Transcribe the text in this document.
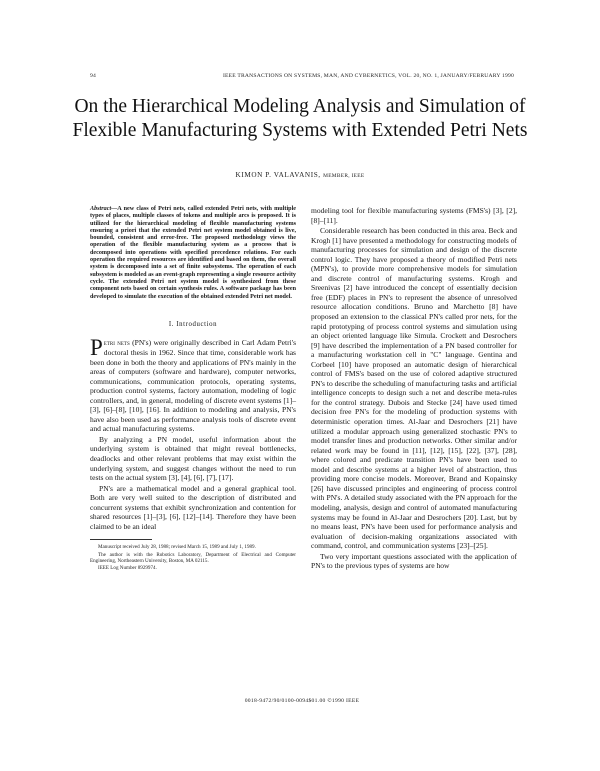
94	IEEE TRANSACTIONS ON SYSTEMS, MAN, AND CYBERNETICS, VOL. 20, NO. 1, JANUARY/FEBRUARY 1990
On the Hierarchical Modeling Analysis and Simulation of Flexible Manufacturing Systems with Extended Petri Nets
KIMON P. VALAVANIS, MEMBER, IEEE
Abstract—A new class of Petri nets, called extended Petri nets, with multiple types of places, multiple classes of tokens and multiple arcs is proposed. It is utilized for the hierarchical modeling of flexible manufacturing systems ensuring a priori that the extended Petri net system model obtained is live, bounded, consistent and error-free. The proposed methodology views the operation of the flexible manufacturing system as a process that is decomposed into operations with specified precedence relations. For each operation the required resources are identified and based on them, the overall system is decomposed into a set of finite subsystems. The operation of each subsystem is modeled as an event-graph representing a single resource activity cycle. The extended Petri net system model is synthesized from these component nets based on certain synthesis rules. A software package has been developed to simulate the execution of the obtained extended Petri net model.
I. Introduction

Petri nets (PN's) were originally described in Carl Adam Petri's doctoral thesis in 1962. Since that time, considerable work has been done in both the theory and applications of PN's mainly in the areas of computers (software and hardware), computer networks, communications, communication protocols, operating systems, production control systems, factory automation, modeling of logic controllers, and, in general, modeling of discrete event systems [1]–[3], [6]–[8], [10], [16]. In addition to modeling and analysis, PN's have also been used as performance analysis tools of discrete event and actual manufacturing systems.

By analyzing a PN model, useful information about the underlying system is obtained that might reveal bottlenecks, deadlocks and other relevant problems that may exist within the underlying system, and suggest changes without the need to run tests on the actual system [3], [4], [6], [7], [17].

PN's are a mathematical model and a general graphical tool. Both are very well suited to the description of distributed and concurrent systems that exhibit synchronization and contention for shared resources [1]–[3], [6], [12]–[14]. Therefore they have been claimed to be an ideal

Manuscript received July 28, 1988; revised March 15, 1989 and July 1, 1989.

The author is with the Robotics Laboratory, Department of Electrical and Computer Engineering, Northeastern University, Boston, MA 02115.

IEEE Log Number 8929974.

modeling tool for flexible manufacturing systems (FMS's) [3], [2], [8]–[11].

Considerable research has been conducted in this area. Beck and Krogh [1] have presented a methodology for constructing models of manufacturing processes for simulation and design of the discrete control logic. They have proposed a theory of modified Petri nets (MPN's), to provide more comprehensive models for simulation and discrete control of manufacturing systems. Krogh and Sreenivas [2] have introduced the concept of essentially decision free (EDF) places in PN's to represent the absence of unresolved resource allocation conditions. Bruno and Marchetto [8] have proposed an extension to the classical PN's called pror nets, for the rapid prototyping of process control systems and simulation using an object oriented language like Simula. Crockett and Desrochers [9] have described the implementation of a PN based controller for a manufacturing workstation cell in "C" language. Gentina and Corbeel [10] have proposed an automatic design of hierarchical control of FMS's based on the use of colored adaptive structured PN's to describe the scheduling of manufacturing tasks and artificial intelligence concepts to design such a net and describe meta-rules for the control strategy. Dubois and Stecke [24] have used timed decision free PN's for the modeling of production systems with deterministic operation times. Al-Jaar and Desrochers [21] have utilized a modular approach using generalized stochastic PN's to model transfer lines and production networks. Other similar and/or related work may be found in [11], [12], [15], [22], [37], [28], where colored and predicate transition PN's have been used to model and describe systems at a higher level of abstraction, thus providing more concise models. Moreover, Brand and Kopainsky [26] have discussed principles and engineering of process control with PN's. A detailed study associated with the PN approach for the modeling, analysis, design and control of automated manufacturing systems may be found in Al-Jaar and Desrochers [20]. Last, but by no means least, PN's have been used for performance analysis and evaluation of decision-making organizations associated with command, control, and communication systems [23]–[25].

Two very important questions associated with the application of PN's to the previous types of systems are how

0018-9472/90/0100-0094$01.00 ©1990 IEEE
